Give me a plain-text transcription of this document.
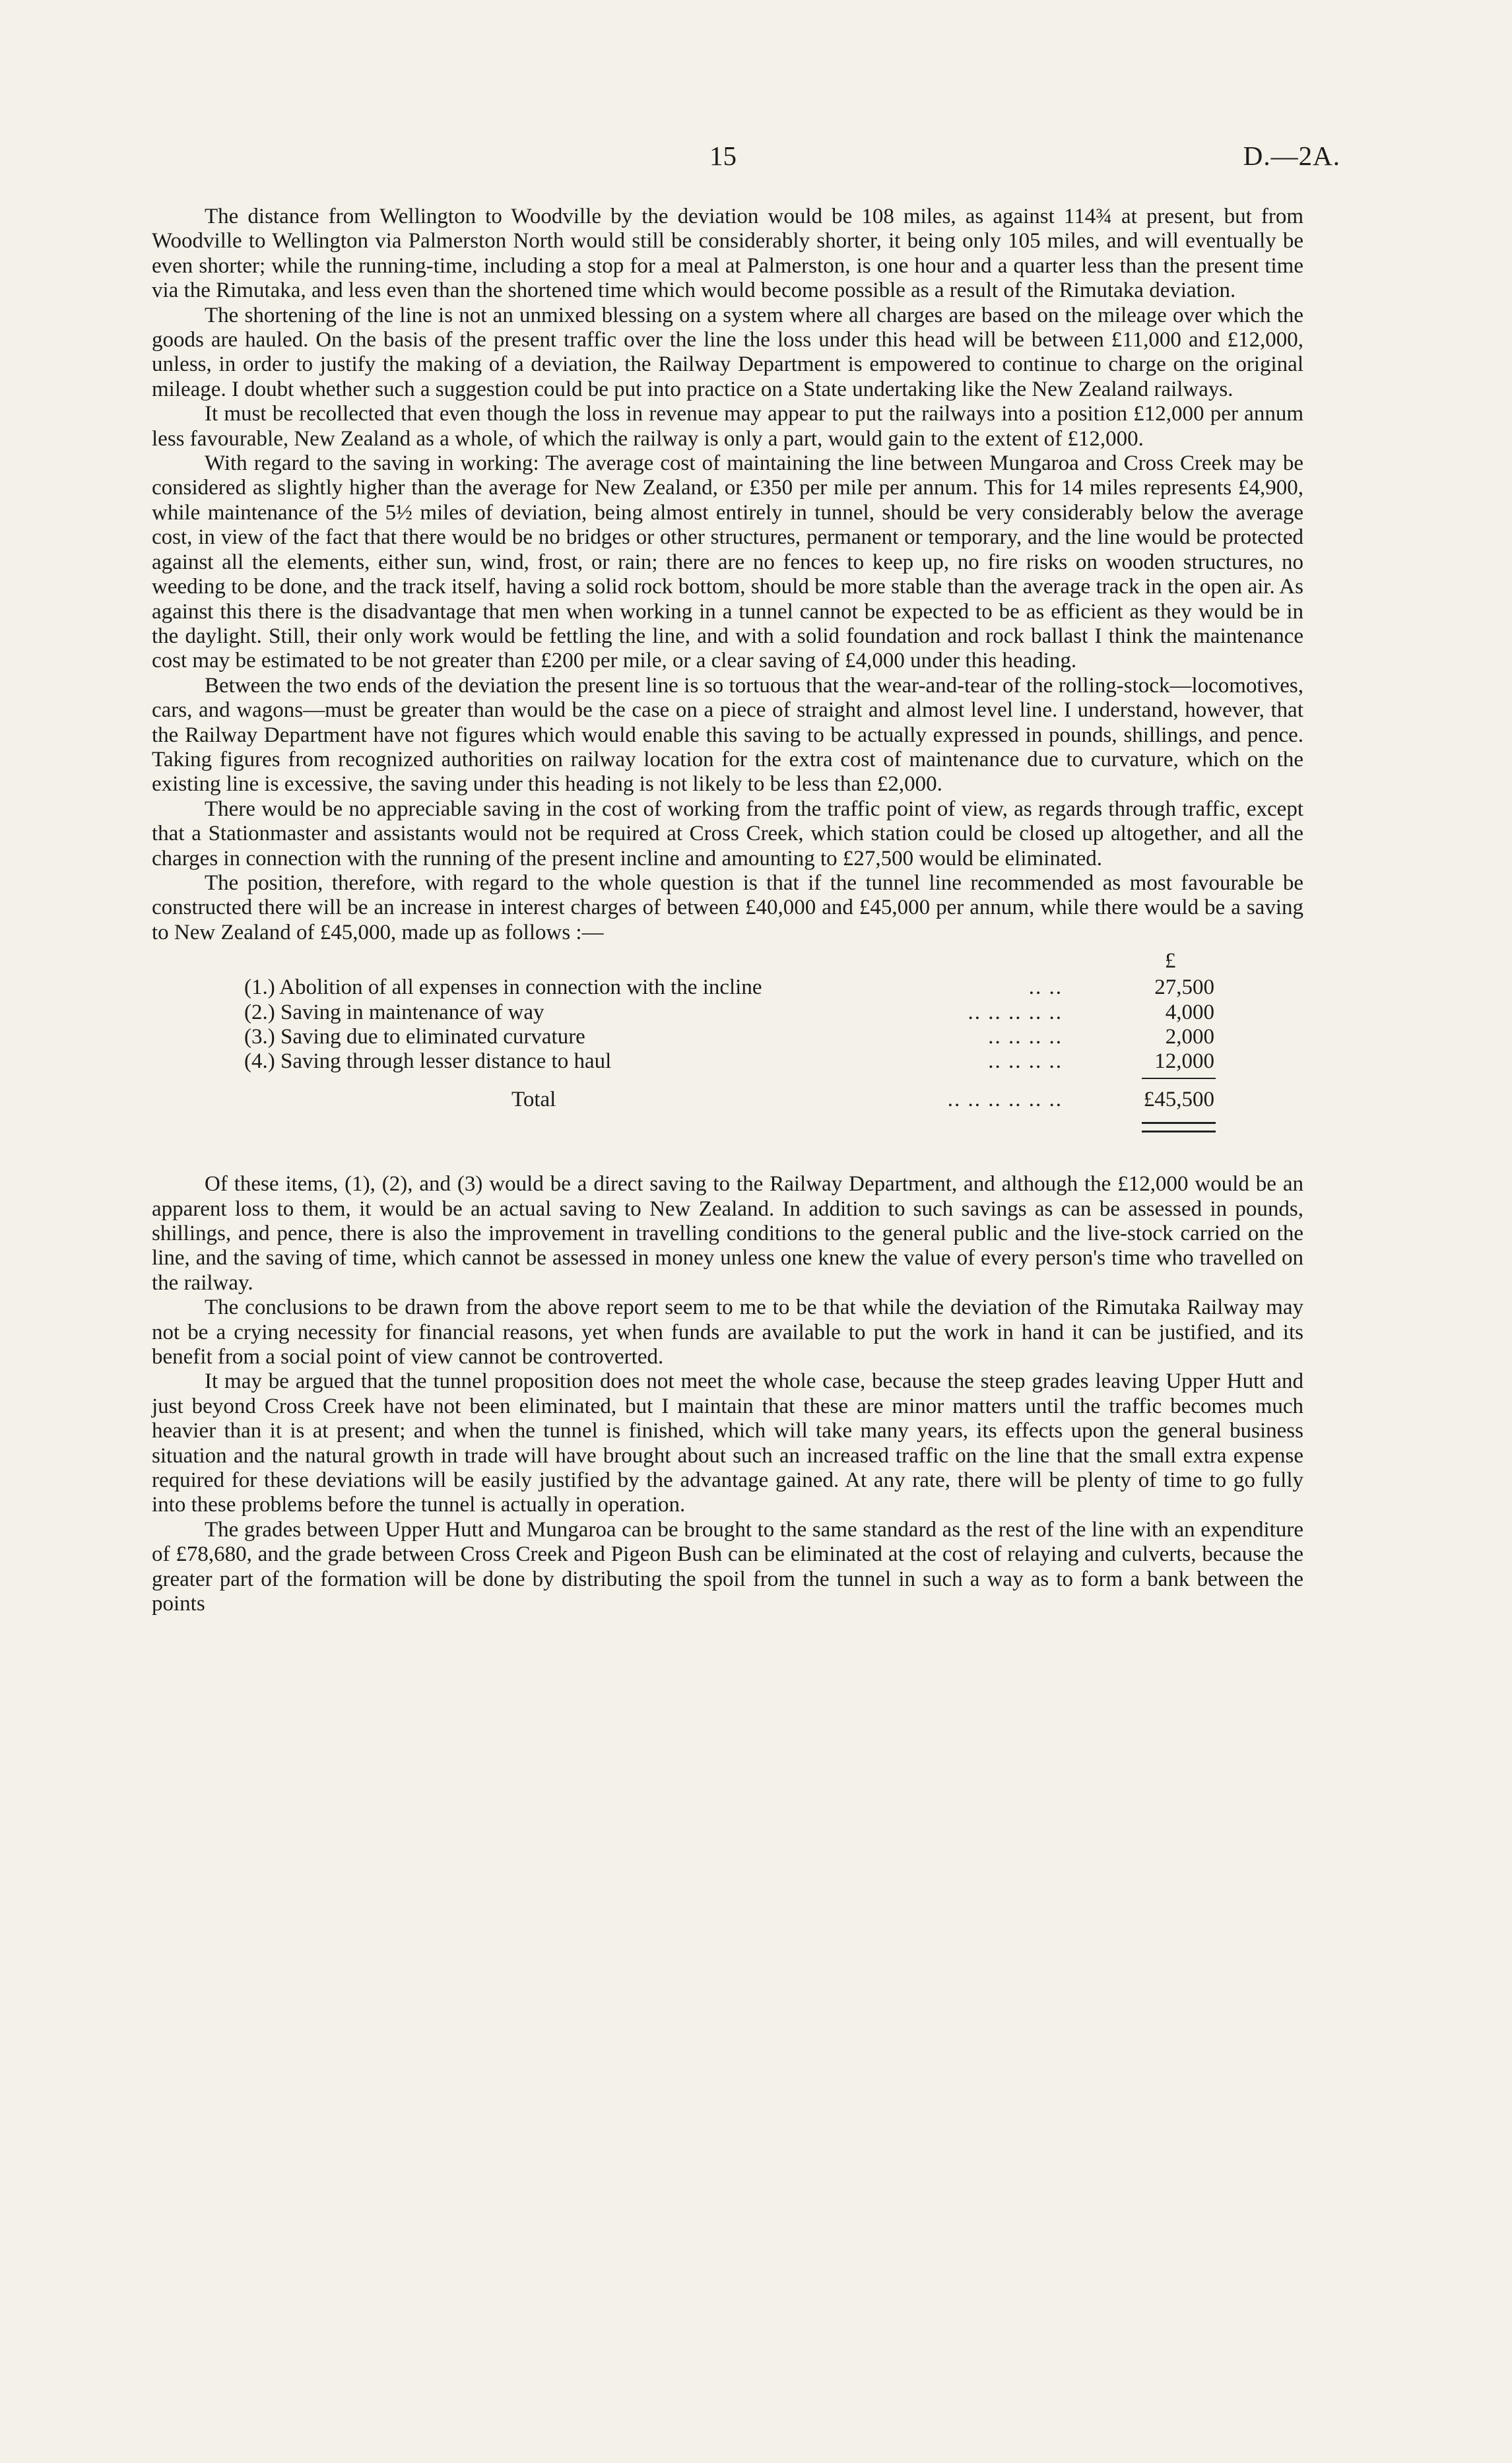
15	D.—2A.

The distance from Wellington to Woodville by the deviation would be 108 miles, as against 114¾ at present, but from Woodville to Wellington via Palmerston North would still be considerably shorter, it being only 105 miles, and will eventually be even shorter; while the running-time, including a stop for a meal at Palmerston, is one hour and a quarter less than the present time via the Rimutaka, and less even than the shortened time which would become possible as a result of the Rimutaka deviation.

The shortening of the line is not an unmixed blessing on a system where all charges are based on the mileage over which the goods are hauled. On the basis of the present traffic over the line the loss under this head will be between £11,000 and £12,000, unless, in order to justify the making of a deviation, the Railway Department is empowered to continue to charge on the original mileage. I doubt whether such a suggestion could be put into practice on a State undertaking like the New Zealand railways.

It must be recollected that even though the loss in revenue may appear to put the railways into a position £12,000 per annum less favourable, New Zealand as a whole, of which the railway is only a part, would gain to the extent of £12,000.

With regard to the saving in working: The average cost of maintaining the line between Mungaroa and Cross Creek may be considered as slightly higher than the average for New Zealand, or £350 per mile per annum. This for 14 miles represents £4,900, while maintenance of the 5½ miles of deviation, being almost entirely in tunnel, should be very considerably below the average cost, in view of the fact that there would be no bridges or other structures, permanent or temporary, and the line would be protected against all the elements, either sun, wind, frost, or rain; there are no fences to keep up, no fire risks on wooden structures, no weeding to be done, and the track itself, having a solid rock bottom, should be more stable than the average track in the open air. As against this there is the disadvantage that men when working in a tunnel cannot be expected to be as efficient as they would be in the daylight. Still, their only work would be fettling the line, and with a solid foundation and rock ballast I think the maintenance cost may be estimated to be not greater than £200 per mile, or a clear saving of £4,000 under this heading.

Between the two ends of the deviation the present line is so tortuous that the wear-and-tear of the rolling-stock—locomotives, cars, and wagons—must be greater than would be the case on a piece of straight and almost level line. I understand, however, that the Railway Department have not figures which would enable this saving to be actually expressed in pounds, shillings, and pence. Taking figures from recognized authorities on railway location for the extra cost of maintenance due to curvature, which on the existing line is excessive, the saving under this heading is not likely to be less than £2,000.

There would be no appreciable saving in the cost of working from the traffic point of view, as regards through traffic, except that a Stationmaster and assistants would not be required at Cross Creek, which station could be closed up altogether, and all the charges in connection with the running of the present incline and amounting to £27,500 would be eliminated.

The position, therefore, with regard to the whole question is that if the tunnel line recommended as most favourable be constructed there will be an increase in interest charges of between £40,000 and £45,000 per annum, while there would be a saving to New Zealand of £45,000, made up as follows :—

£
(1.) Abolition of all expenses in connection with the incline	.. ..	27,500
(2.) Saving in maintenance of way	.. .. .. .. ..	4,000
(3.) Saving due to eliminated curvature	.. .. .. ..	2,000
(4.) Saving through lesser distance to haul	.. .. .. ..	12,000
Total	.. .. .. .. .. ..	£45,500

Of these items, (1), (2), and (3) would be a direct saving to the Railway Department, and although the £12,000 would be an apparent loss to them, it would be an actual saving to New Zealand. In addition to such savings as can be assessed in pounds, shillings, and pence, there is also the improvement in travelling conditions to the general public and the live-stock carried on the line, and the saving of time, which cannot be assessed in money unless one knew the value of every person's time who travelled on the railway.

The conclusions to be drawn from the above report seem to me to be that while the deviation of the Rimutaka Railway may not be a crying necessity for financial reasons, yet when funds are available to put the work in hand it can be justified, and its benefit from a social point of view cannot be controverted.

It may be argued that the tunnel proposition does not meet the whole case, because the steep grades leaving Upper Hutt and just beyond Cross Creek have not been eliminated, but I maintain that these are minor matters until the traffic becomes much heavier than it is at present; and when the tunnel is finished, which will take many years, its effects upon the general business situation and the natural growth in trade will have brought about such an increased traffic on the line that the small extra expense required for these deviations will be easily justified by the advantage gained. At any rate, there will be plenty of time to go fully into these problems before the tunnel is actually in operation.

The grades between Upper Hutt and Mungaroa can be brought to the same standard as the rest of the line with an expenditure of £78,680, and the grade between Cross Creek and Pigeon Bush can be eliminated at the cost of relaying and culverts, because the greater part of the formation will be done by distributing the spoil from the tunnel in such a way as to form a bank between the points
